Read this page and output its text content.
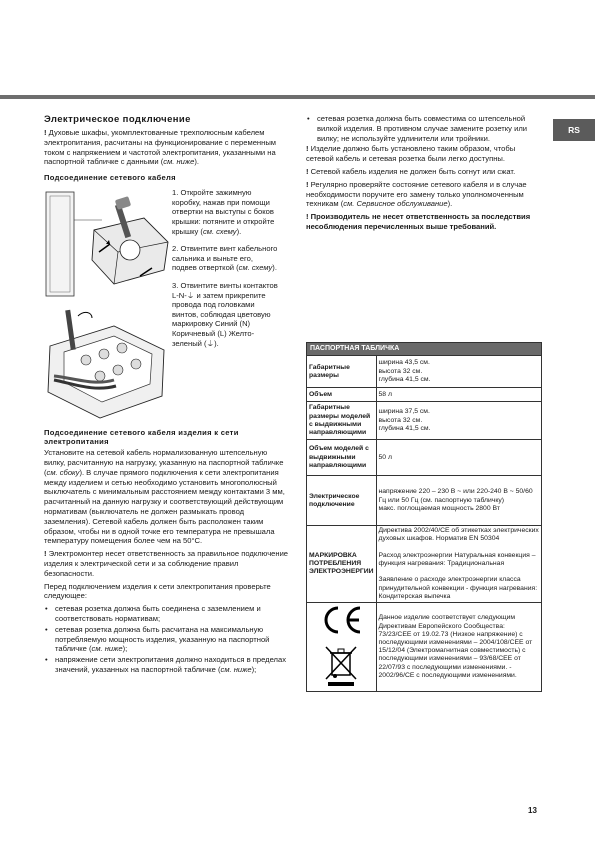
RS
Электрическое подключение

! Духовые шкафы, укомплектованные трехполюсным кабелем электропитания, расчитаны на функционирование с переменным током с напряжением и частотой электропитания, указанными на паспортной табличке с данными (см. ниже).

Подсоединение сетевого кабеля

1. Откройте зажимную коробку, нажав при помощи отвертки на выступы с боков крышки: потяните и откройте крышку (см. схему).

2. Отвинтите винт кабельного сальника и выньте его, подвев отверткой (см. схему).

3. Отвинтите винты контактов L-N-⏚ и затем прикрепите провода под головками винтов, соблюдая цветовую маркировку Синий (N) Коричневый (L) Желто-зеленый (⏚).

Подсоединение сетевого кабеля изделия к сети электропитания

Установите на сетевой кабель нормализованную штепсельную вилку, расчитанную на нагрузку, указанную на паспортной табличке (см. сбоку). В случае прямого подключения к сети электропитания между изделием и сетью необходимо установить многополюсный выключатель с минимальным расстоянием между контактами 3 мм, расчитанный на данную нагрузку и соответствующий действующим нормативам (выключатель не должен размыкать провод заземления). Сетевой кабель должен быть расположен таким образом, чтобы ни в одной точке его температура не превышала температуру помещения более чем на 50°С.

! Электромонтер несет ответственность за правильное подключение изделия к электрической сети и за соблюдение правил безопасности.

Перед подключением изделия к сети электропитания проверьте следующее:

• сетевая розетка должна быть соединена с заземлением и соответствовать нормативам;
• сетевая розетка должна быть расчитана на максимальную потребляемую мощность изделия, указанную на паспортной табличке (см. ниже);
• напряжение сети электропитания должно находиться в пределах значений, указанных на паспортной табличке (см. ниже);
• сетевая розетка должна быть совместима со штепсельной вилкой изделия. В противном случае замените розетку или вилку; не используйте удлинители или тройники.

! Изделие должно быть установлено таким образом, чтобы сетевой кабель и сетевая розетка были легко доступны.

! Сетевой кабель изделия не должен быть согнут или сжат.

! Регулярно проверяйте состояние сетевого кабеля и в случае необходимости поручите его замену только уполномоченным техникам (см. Сервисное обслуживание).

! Производитель не несет ответственность за последствия несоблюдения перечисленных выше требований.

ПАСПОРТНАЯ ТАБЛИЧКА	
Габаритные размеры	ширина 43,5 см.
высота 32 см.
глубина 41,5 см.
Объем	58 л
Габаритные размеры моделей с выдвижными направляющими	ширина 37,5 см.
высота 32 см.
глубина 41,5 см.
Объем моделей с выдвижными направляющими	50 л
Электрическое подключение	напряжение 220 – 230 В ~ или 220-240 В ~ 50/60 Гц или 50 Гц (см. паспортную табличку)
макс. поглощаемая мощность 2800 Вт
МАРКИРОВКА ПОТРЕБЛЕНИЯ ЭЛЕКТРОЭНЕРГИИ	Директива 2002/40/CE об этикетках электрических духовых шкафов. Норматив EN 50304

Расход электроэнергии Натуральная конвекция – функция нагревания: Традициональная

Заявление о расходе электроэнергии класса принудительной конвекции - функция нагревания: Кондитерская выпечка

	Данное изделие соответствует следующим Директивам Европейского Сообщества: 73/23/CEE от 19.02.73 (Низкое напряжение) с последующими изменениями – 2004/108/CEE от 15/12/04 (Электромагнитная совместимость) с последующими изменениями – 93/68/CEE от 22/07/93 с последующими изменениями. - 2002/96/CE с последующими изменениями.
13
